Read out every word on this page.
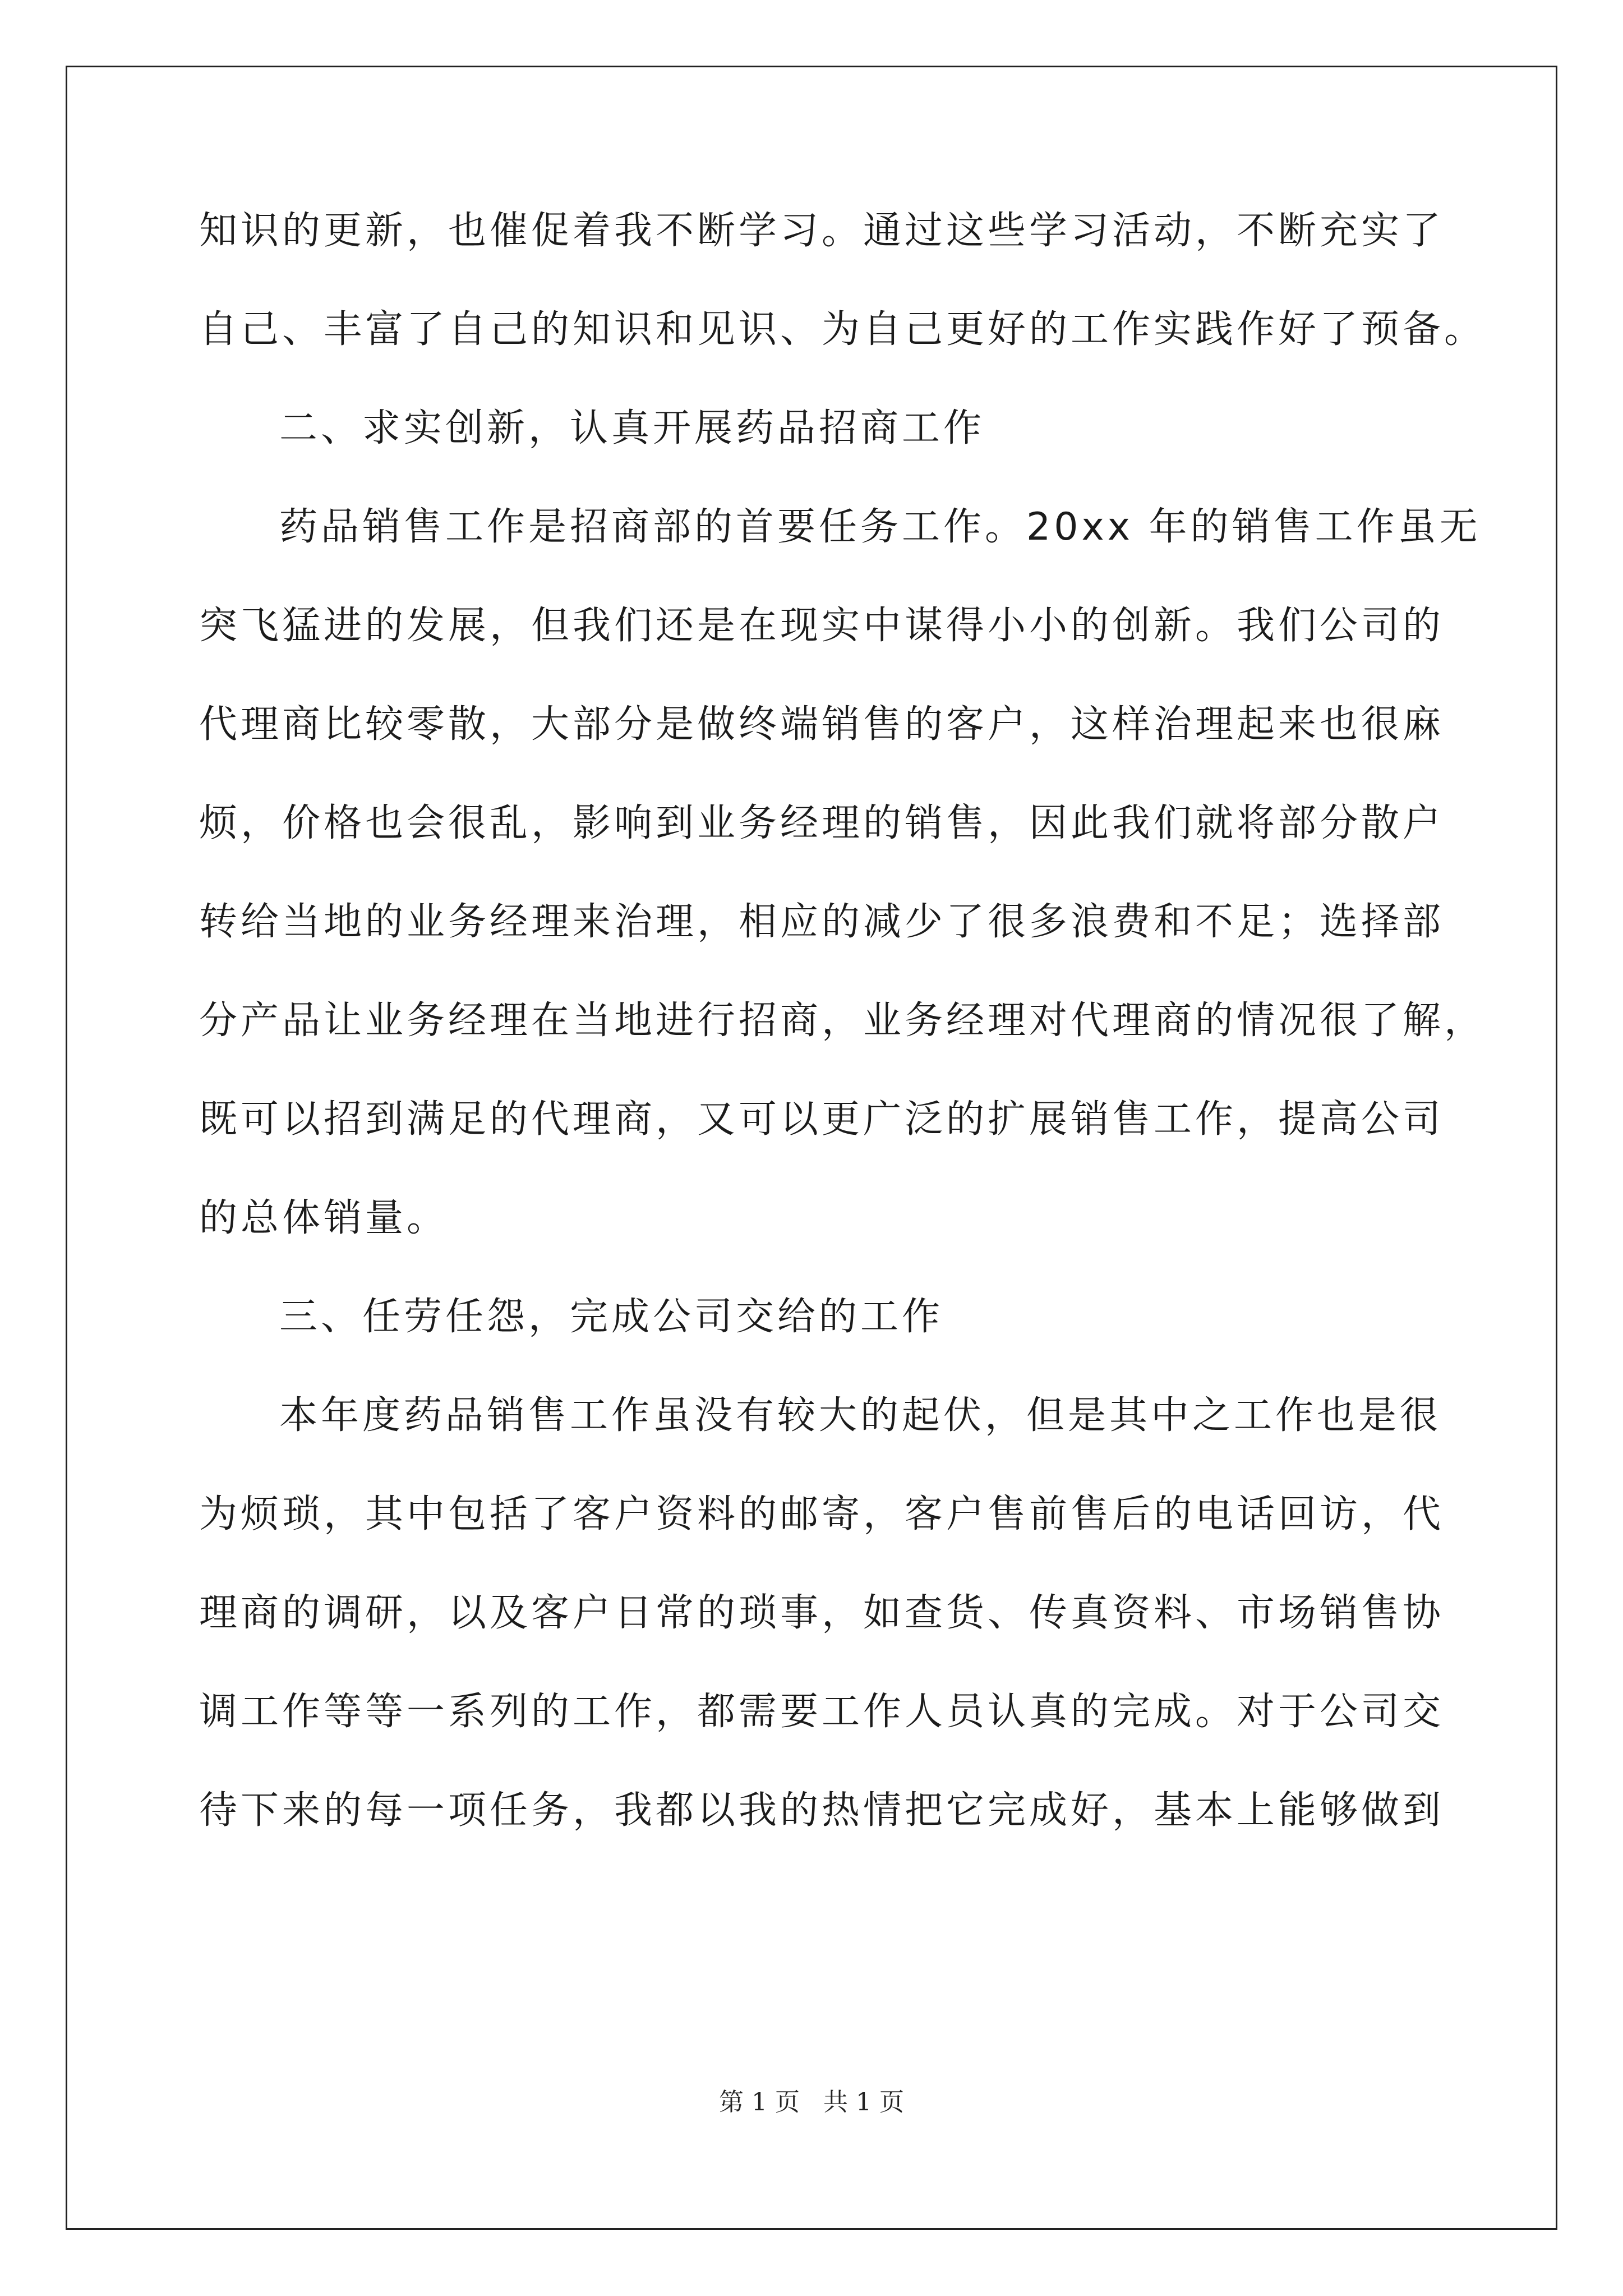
知识的更新，也催促着我不断学习。通过这些学习活动，不断充实了
自己、丰富了自己的知识和见识、为自己更好的工作实践作好了预备。
二、求实创新，认真开展药品招商工作
药品销售工作是招商部的首要任务工作。20xx 年的销售工作虽无
突飞猛进的发展，但我们还是在现实中谋得小小的创新。我们公司的
代理商比较零散，大部分是做终端销售的客户，这样治理起来也很麻
烦，价格也会很乱，影响到业务经理的销售，因此我们就将部分散户
转给当地的业务经理来治理，相应的减少了很多浪费和不足；选择部
分产品让业务经理在当地进行招商，业务经理对代理商的情况很了解，
既可以招到满足的代理商，又可以更广泛的扩展销售工作，提高公司
的总体销量。
三、任劳任怨，完成公司交给的工作
本年度药品销售工作虽没有较大的起伏，但是其中之工作也是很
为烦琐，其中包括了客户资料的邮寄，客户售前售后的电话回访，代
理商的调研，以及客户日常的琐事，如查货、传真资料、市场销售协
调工作等等一系列的工作，都需要工作人员认真的完成。对于公司交
待下来的每一项任务，我都以我的热情把它完成好，基本上能够做到
第 1 页 共 1 页
